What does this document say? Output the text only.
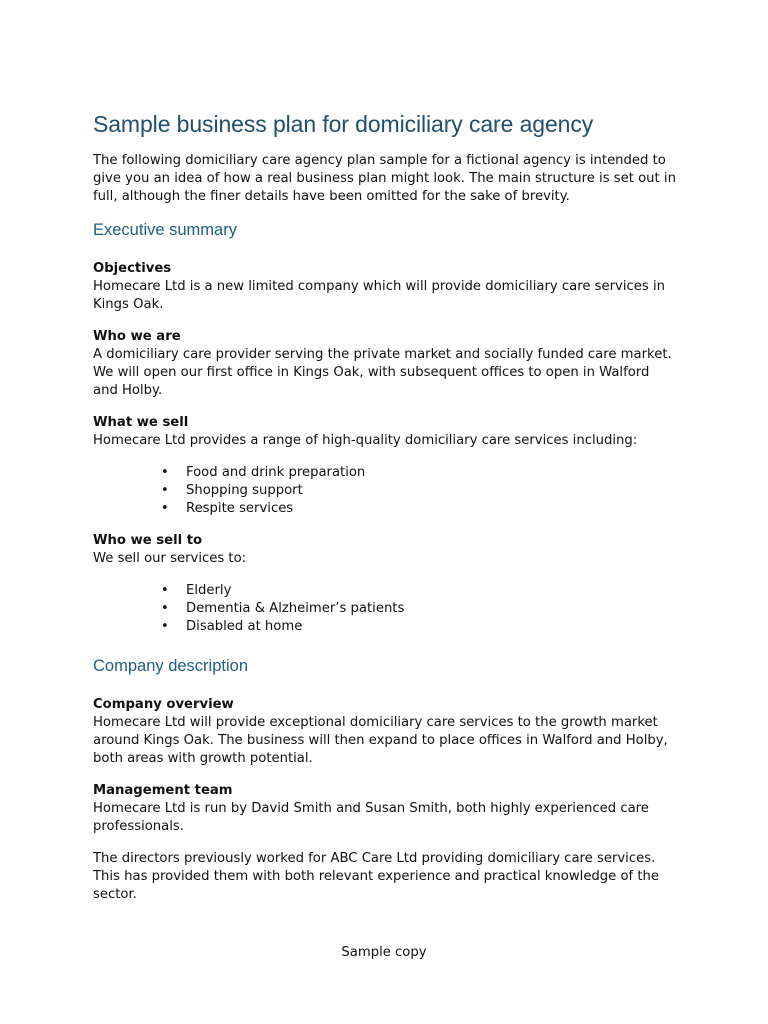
Sample business plan for domiciliary care agency

The following domiciliary care agency plan sample for a fictional agency is intended to give you an idea of how a real business plan might look. The main structure is set out in full, although the finer details have been omitted for the sake of brevity.

Executive summary

Objectives

Homecare Ltd is a new limited company which will provide domiciliary care services in Kings Oak.

Who we are

A domiciliary care provider serving the private market and socially funded care market. We will open our first office in Kings Oak, with subsequent offices to open in Walford and Holby.

What we sell

Homecare Ltd provides a range of high-quality domiciliary care services including:

• Food and drink preparation
• Shopping support
• Respite services

Who we sell to

We sell our services to:

• Elderly
• Dementia & Alzheimer’s patients
• Disabled at home
Company description

Company overview

Homecare Ltd will provide exceptional domiciliary care services to the growth market around Kings Oak. The business will then expand to place offices in Walford and Holby, both areas with growth potential.

Management team

Homecare Ltd is run by David Smith and Susan Smith, both highly experienced care professionals.

The directors previously worked for ABC Care Ltd providing domiciliary care services. This has provided them with both relevant experience and practical knowledge of the sector.

Sample copy
